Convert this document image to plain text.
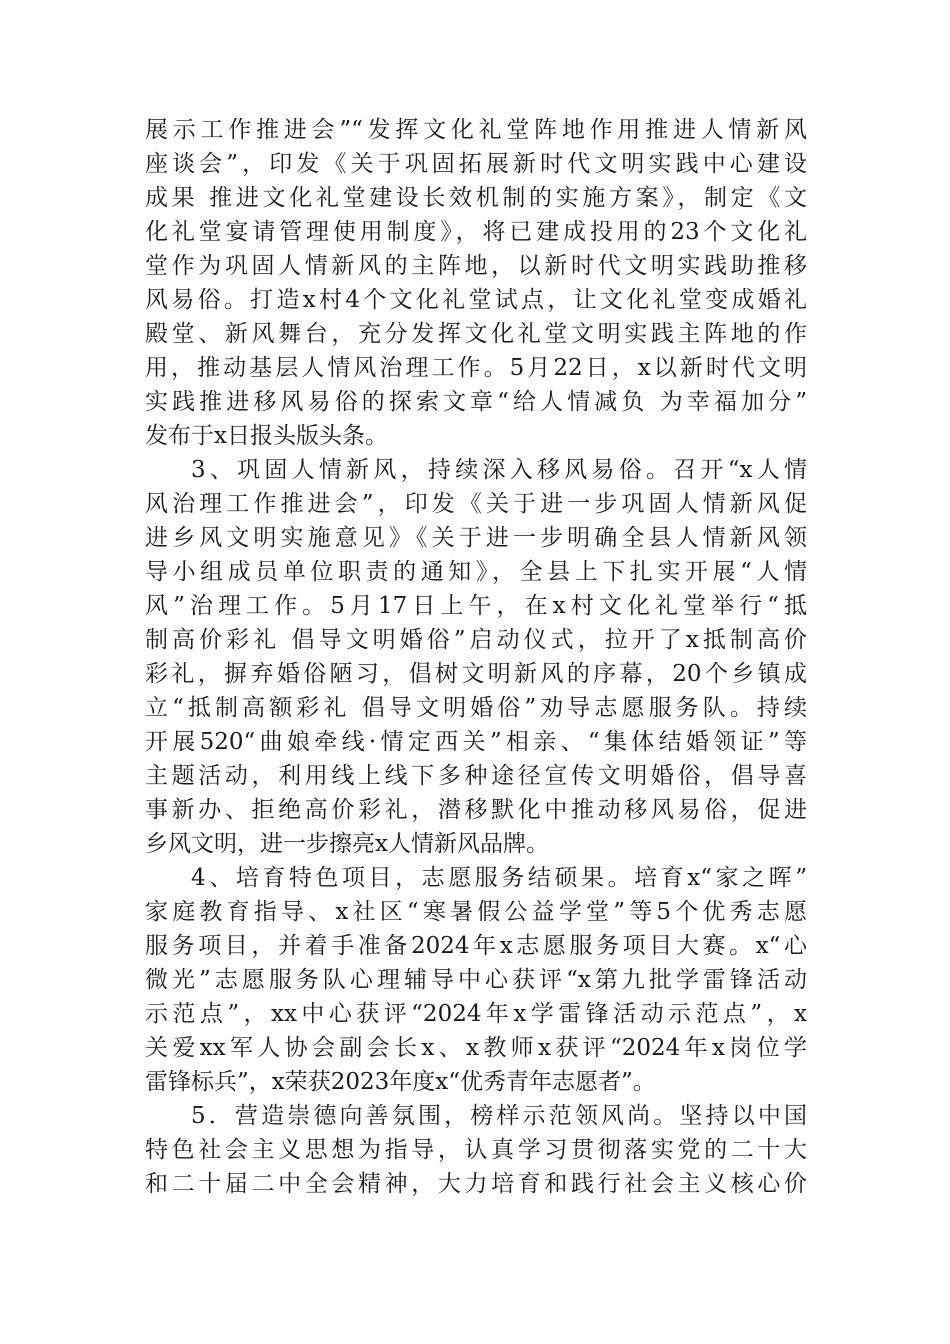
展示工作推进会”“发挥文化礼堂阵地作用推进人情新风
座谈会”，印发《关于巩固拓展新时代文明实践中心建设
成果 推进文化礼堂建设长效机制的实施方案》，制定《文
化礼堂宴请管理使用制度》，将已建成投用的23个文化礼
堂作为巩固人情新风的主阵地，以新时代文明实践助推移
风易俗。打造x村4个文化礼堂试点，让文化礼堂变成婚礼
殿堂、新风舞台，充分发挥文化礼堂文明实践主阵地的作
用，推动基层人情风治理工作。5月22日，x以新时代文明
实践推进移风易俗的探索文章“给人情减负 为幸福加分”
发布于x日报头版头条。
3、巩固人情新风，持续深入移风易俗。召开“x人情
风治理工作推进会”，印发《关于进一步巩固人情新风促
进乡风文明实施意见》《关于进一步明确全县人情新风领
导小组成员单位职责的通知》，全县上下扎实开展“人情
风”治理工作。5月17日上午，在x村文化礼堂举行“抵
制高价彩礼 倡导文明婚俗”启动仪式，拉开了x抵制高价
彩礼，摒弃婚俗陋习，倡树文明新风的序幕，20个乡镇成
立“抵制高额彩礼 倡导文明婚俗”劝导志愿服务队。持续
开展520“曲娘牵线·情定西关”相亲、“集体结婚领证”等
主题活动，利用线上线下多种途径宣传文明婚俗，倡导喜
事新办、拒绝高价彩礼，潜移默化中推动移风易俗，促进
乡风文明，进一步擦亮x人情新风品牌。
4、培育特色项目，志愿服务结硕果。培育x“家之晖”
家庭教育指导、x社区“寒暑假公益学堂”等5个优秀志愿
服务项目，并着手准备2024年x志愿服务项目大赛。x“心
微光”志愿服务队心理辅导中心获评“x第九批学雷锋活动
示范点”，xx中心获评“2024年x学雷锋活动示范点”，x
关爱xx军人协会副会长x、x教师x获评“2024年x岗位学
雷锋标兵”，x荣获2023年度x“优秀青年志愿者”。
5．营造崇德向善氛围，榜样示范领风尚。坚持以中国
特色社会主义思想为指导，认真学习贯彻落实党的二十大
和二十届二中全会精神，大力培育和践行社会主义核心价
